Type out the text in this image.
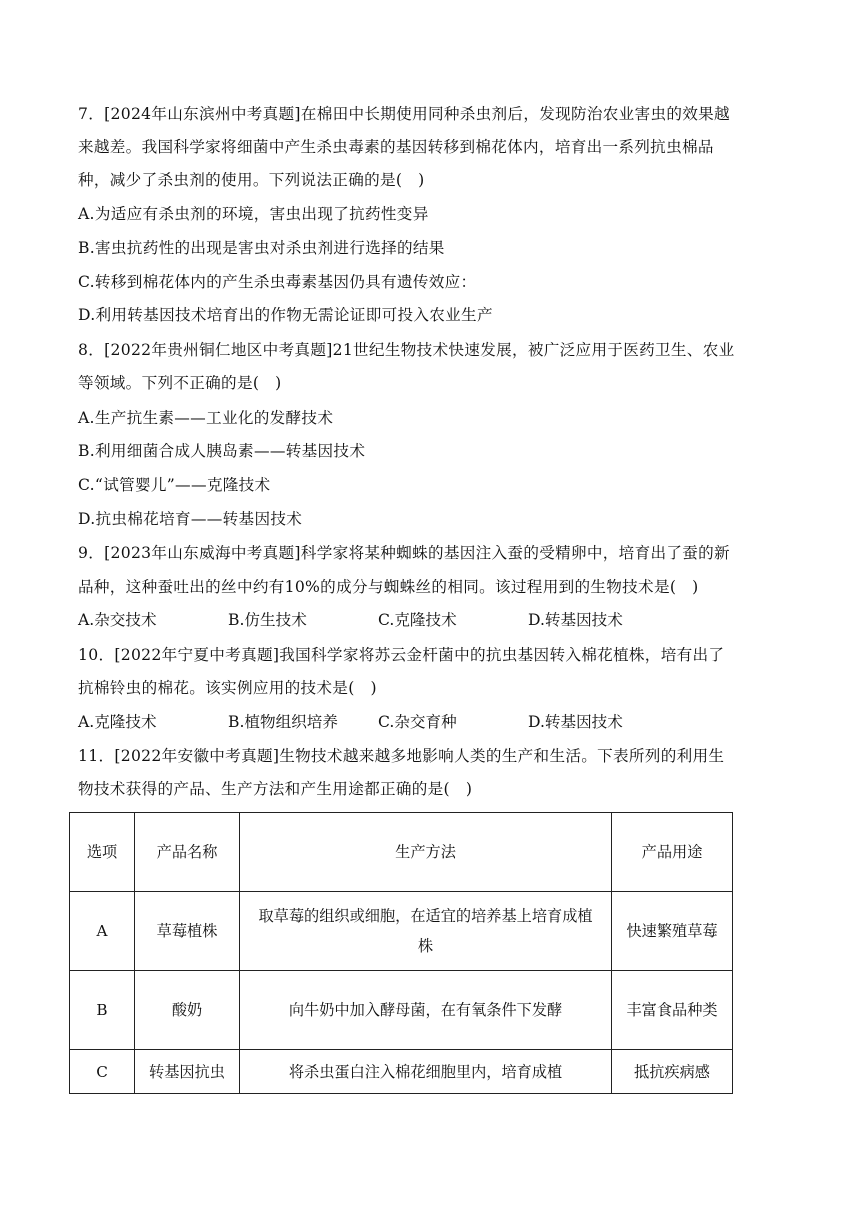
7．[2024年山东滨州中考真题]在棉田中长期使用同种杀虫剂后，发现防治农业害虫的效果越
来越差。我国科学家将细菌中产生杀虫毒素的基因转移到棉花体内，培育出一系列抗虫棉品
种，减少了杀虫剂的使用。下列说法正确的是(　)
A.为适应有杀虫剂的环境，害虫出现了抗药性变异
B.害虫抗药性的出现是害虫对杀虫剂进行选择的结果
C.转移到棉花体内的产生杀虫毒素基因仍具有遗传效应：
D.利用转基因技术培育出的作物无需论证即可投入农业生产
8．[2022年贵州铜仁地区中考真题]21世纪生物技术快速发展，被广泛应用于医药卫生、农业
等领域。下列不正确的是(　)
A.生产抗生素——工业化的发酵技术
B.利用细菌合成人胰岛素——转基因技术
C.“试管婴儿”——克隆技术
D.抗虫棉花培育——转基因技术
9．[2023年山东威海中考真题]科学家将某种蜘蛛的基因注入蚕的受精卵中，培育出了蚕的新
品种，这种蚕吐出的丝中约有10%的成分与蜘蛛丝的相同。该过程用到的生物技术是(　)
A.杂交技术	B.仿生技术	C.克隆技术	D.转基因技术
10．[2022年宁夏中考真题]我国科学家将苏云金杆菌中的抗虫基因转入棉花植株，培有出了
抗棉铃虫的棉花。该实例应用的技术是(　)
A.克隆技术	B.植物组织培养	C.杂交育种	D.转基因技术
11．[2022年安徽中考真题]生物技术越来越多地影响人类的生产和生活。下表所列的利用生
物技术获得的产品、生产方法和产生用途都正确的是(　)
选项	产品名称	生产方法	产品用途
A	草莓植株	取草莓的组织或细胞，在适宜的培养基上培育成植株	快速繁殖草莓
B	酸奶	向牛奶中加入酵母菌，在有氧条件下发酵	丰富食品种类
C	转基因抗虫	将杀虫蛋白注入棉花细胞里内，培育成植	抵抗疾病感
